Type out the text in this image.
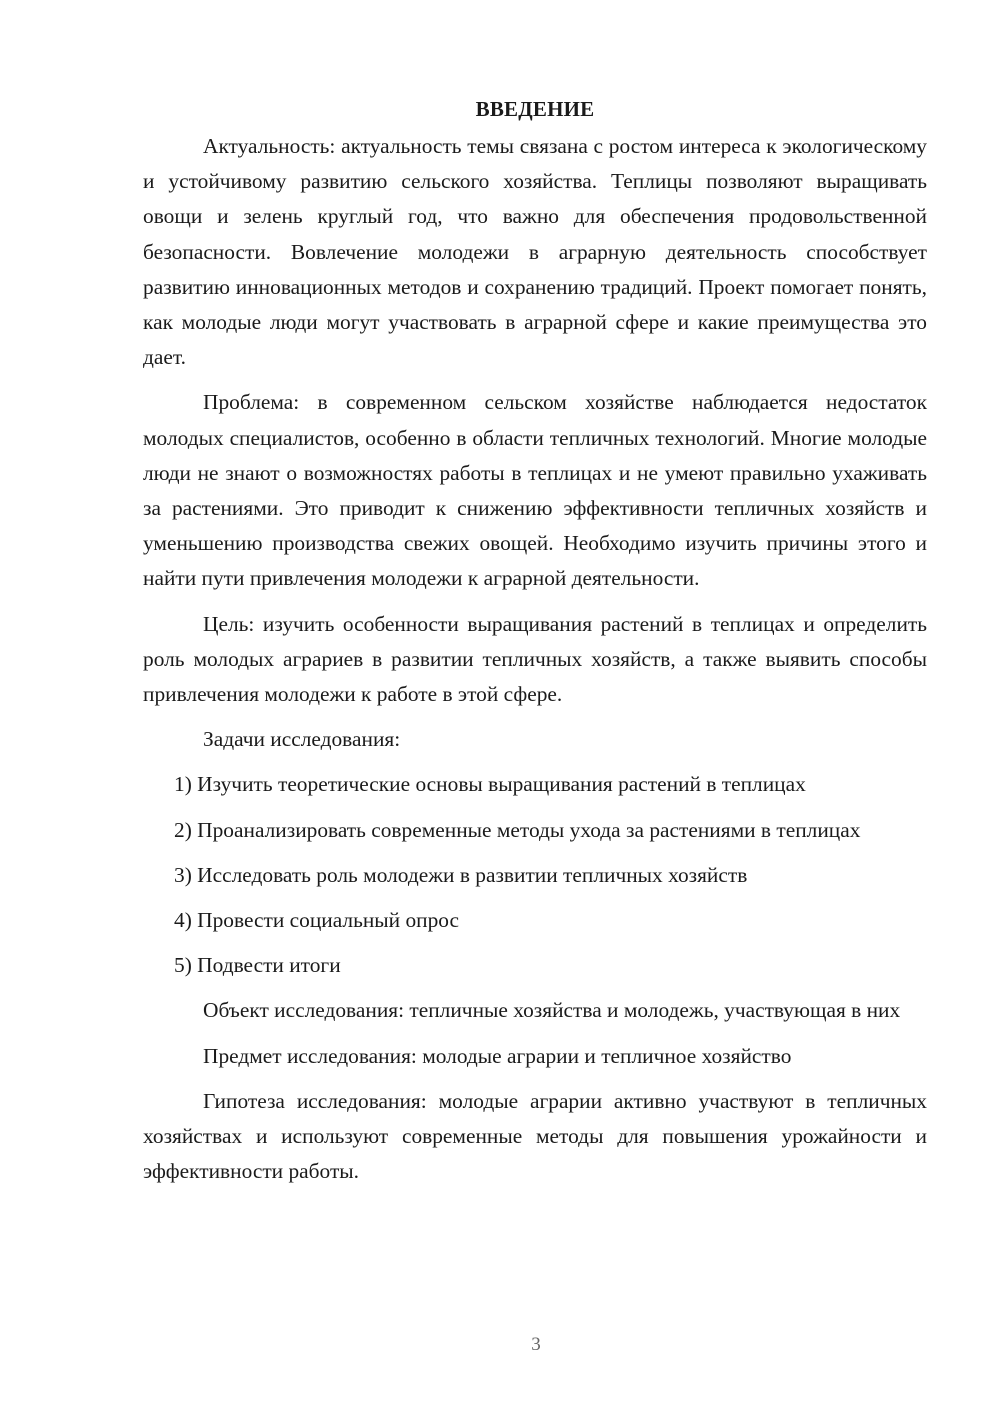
ВВЕДЕНИЕ

Актуальность: актуальность темы связана с ростом интереса к экологическому и устойчивому развитию сельского хозяйства. Теплицы позволяют выращивать овощи и зелень круглый год, что важно для обеспечения продовольственной безопасности. Вовлечение молодежи в аграрную деятельность способствует развитию инновационных методов и сохранению традиций. Проект помогает понять, как молодые люди могут участвовать в аграрной сфере и какие преимущества это дает.

Проблема: в современном сельском хозяйстве наблюдается недостаток молодых специалистов, особенно в области тепличных технологий. Многие молодые люди не знают о возможностях работы в теплицах и не умеют правильно ухаживать за растениями. Это приводит к снижению эффективности тепличных хозяйств и уменьшению производства свежих овощей. Необходимо изучить причины этого и найти пути привлечения молодежи к аграрной деятельности.

Цель: изучить особенности выращивания растений в теплицах и определить роль молодых аграриев в развитии тепличных хозяйств, а также выявить способы привлечения молодежи к работе в этой сфере.

Задачи исследования:

1) Изучить теоретические основы выращивания растений в теплицах

2) Проанализировать современные методы ухода за растениями в теплицах

3) Исследовать роль молодежи в развитии тепличных хозяйств

4) Провести социальный опрос

5) Подвести итоги

Объект исследования: тепличные хозяйства и молодежь, участвующая в них

Предмет исследования: молодые аграрии и тепличное хозяйство

Гипотеза исследования: молодые аграрии активно участвуют в тепличных хозяйствах и используют современные методы для повышения урожайности и эффективности работы.

3
